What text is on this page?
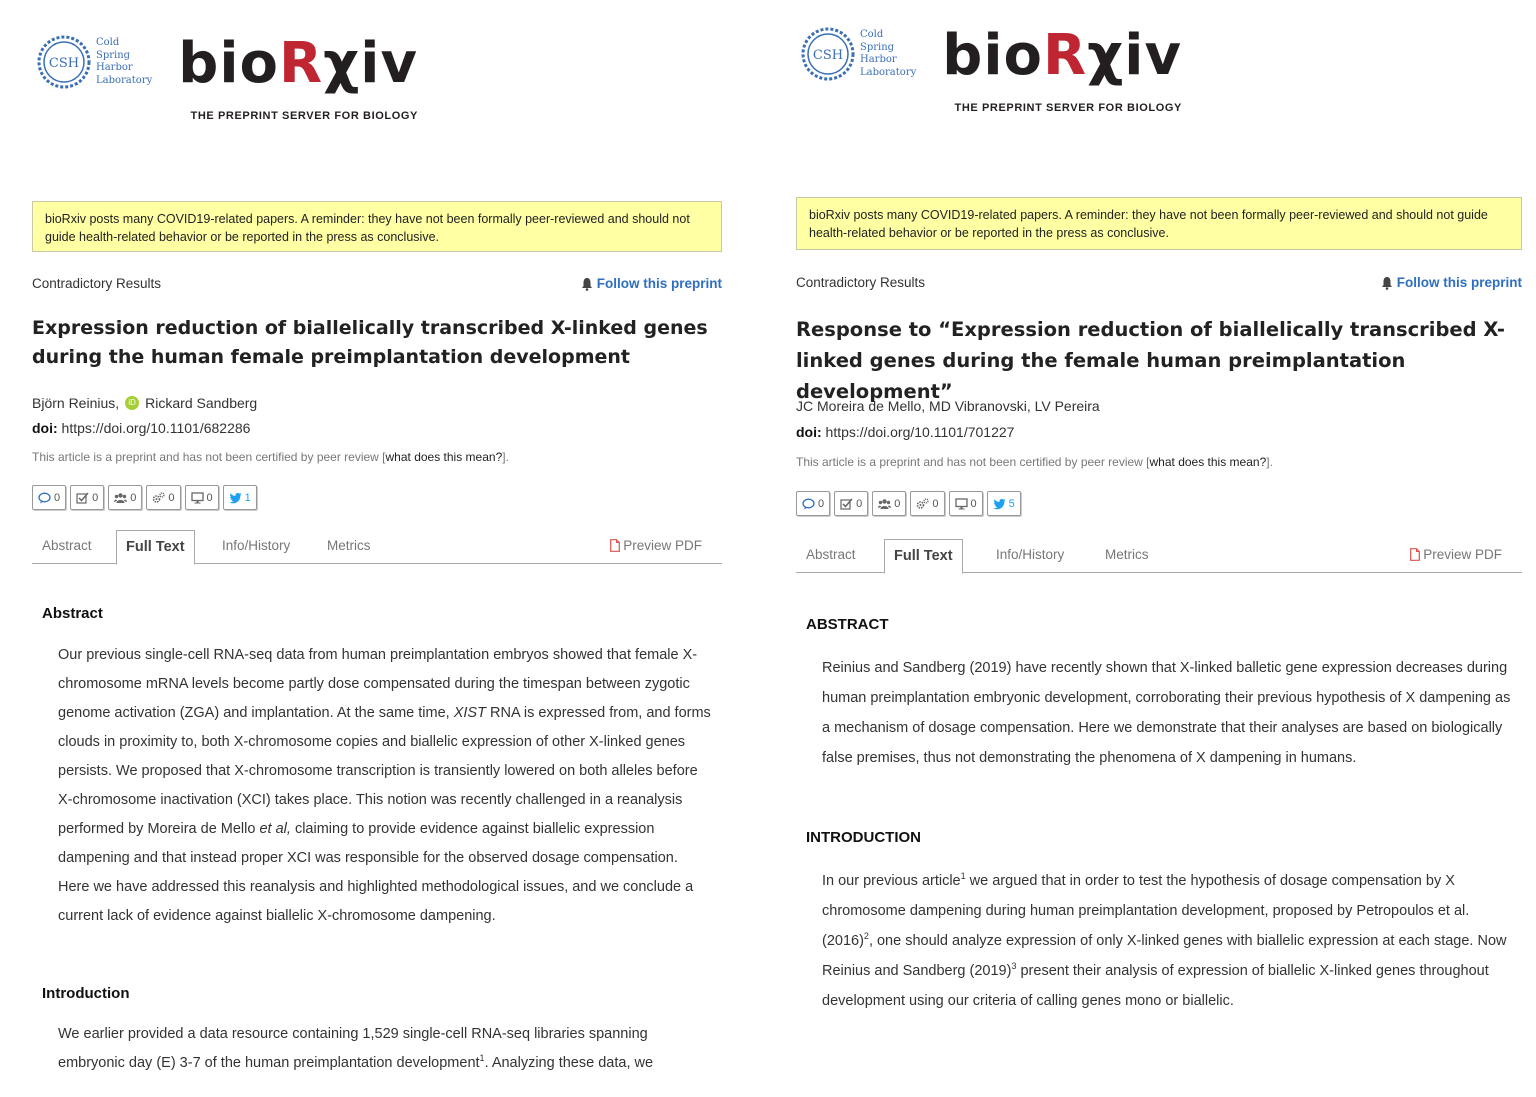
CSH
Cold
Spring
Harbor
Laboratory bioRχiv
THE PREPRINT SERVER FOR BIOLOGY
bioRxiv posts many COVID19-related papers. A reminder: they have not been formally peer-reviewed and should not guide health-related behavior or be reported in the press as conclusive.
Contradictory Results	Follow this preprint
Expression reduction of biallelically transcribed X-linked genes during the human female preimplantation development
Björn Reinius,	iD Rickard Sandberg
doi: https://doi.org/10.1101/682286
This article is a preprint and has not been certified by peer review [what does this mean?].
0	0	0	0	0	1
Abstract	Full Text	Info/History	Metrics	Preview PDF
Abstract
Our previous single-cell RNA-seq data from human preimplantation embryos showed that female X-chromosome mRNA levels become partly dose compensated during the timespan between zygotic genome activation (ZGA) and implantation. At the same time, XIST RNA is expressed from, and forms clouds in proximity to, both X-chromosome copies and biallelic expression of other X-linked genes persists. We proposed that X-chromosome transcription is transiently lowered on both alleles before X-chromosome inactivation (XCI) takes place. This notion was recently challenged in a reanalysis performed by Moreira de Mello et al, claiming to provide evidence against biallelic expression dampening and that instead proper XCI was responsible for the observed dosage compensation. Here we have addressed this reanalysis and highlighted methodological issues, and we conclude a current lack of evidence against biallelic X-chromosome dampening.
Introduction
We earlier provided a data resource containing 1,529 single-cell RNA-seq libraries spanning embryonic day (E) 3-7 of the human preimplantation development$^1$. Analyzing these data, we
CSH
Cold
Spring
Harbor
Laboratory bioRχiv
THE PREPRINT SERVER FOR BIOLOGY
bioRxiv posts many COVID19-related papers. A reminder: they have not been formally peer-reviewed and should not guide health-related behavior or be reported in the press as conclusive.
Contradictory Results	Follow this preprint
Response to “Expression reduction of biallelically transcribed X-linked genes during the female human preimplantation development”
JC Moreira de Mello, MD Vibranovski, LV Pereira
doi: https://doi.org/10.1101/701227
This article is a preprint and has not been certified by peer review [what does this mean?].
0	0	0	0	0	5
Abstract	Full Text	Info/History	Metrics	Preview PDF
ABSTRACT
Reinius and Sandberg (2019) have recently shown that X-linked balletic gene expression decreases during human preimplantation embryonic development, corroborating their previous hypothesis of X dampening as a mechanism of dosage compensation. Here we demonstrate that their analyses are based on biologically false premises, thus not demonstrating the phenomena of X dampening in humans.
INTRODUCTION
In our previous article$^1$ we argued that in order to test the hypothesis of dosage compensation by X chromosome dampening during human preimplantation development, proposed by Petropoulos et al. $(2016)^2$, one should analyze expression of only X-linked genes with biallelic expression at each stage. Now Reinius and Sandberg $(2019)^3$ present their analysis of expression of biallelic X-linked genes throughout development using our criteria of calling genes mono or biallelic.
